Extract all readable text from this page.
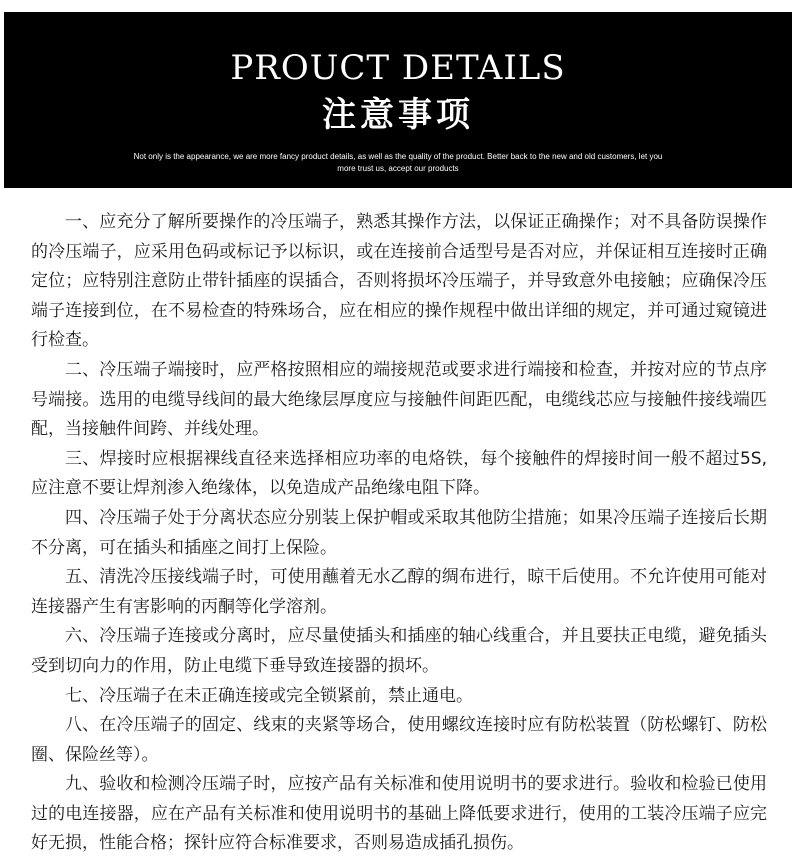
PROUCT DETAILS
注意事项
Not only is the appearance, we are more fancy product details, as well as the quality of the product. Better back to the new and old customers, let you more trust us, accept our products

一、应充分了解所要操作的冷压端子，熟悉其操作方法，以保证正确操作；对不具备防误操作的冷压端子，应采用色码或标记予以标识，或在连接前合适型号是否对应，并保证相互连接时正确定位；应特别注意防止带针插座的误插合，否则将损坏冷压端子，并导致意外电接触；应确保冷压端子连接到位，在不易检查的特殊场合，应在相应的操作规程中做出详细的规定，并可通过窥镜进行检查。

二、冷压端子端接时，应严格按照相应的端接规范或要求进行端接和检查，并按对应的节点序号端接。选用的电缆导线间的最大绝缘层厚度应与接触件间距匹配，电缆线芯应与接触件接线端匹配，当接触件间跨、并线处理。

三、焊接时应根据裸线直径来选择相应功率的电烙铁，每个接触件的焊接时间一般不超过5S, 应注意不要让焊剂渗入绝缘体，以免造成产品绝缘电阻下降。

四、冷压端子处于分离状态应分别装上保护帽或采取其他防尘措施；如果冷压端子连接后长期不分离，可在插头和插座之间打上保险。

五、清洗冷压接线端子时，可使用蘸着无水乙醇的绸布进行，晾干后使用。不允许使用可能对连接器产生有害影响的丙酮等化学溶剂。

六、冷压端子连接或分离时，应尽量使插头和插座的轴心线重合，并且要扶正电缆，避免插头受到切向力的作用，防止电缆下垂导致连接器的损坏。

七、冷压端子在未正确连接或完全锁紧前，禁止通电。

八、在冷压端子的固定、线束的夹紧等场合，使用螺纹连接时应有防松装置（防松螺钉、防松圈、保险丝等）。

九、验收和检测冷压端子时，应按产品有关标准和使用说明书的要求进行。验收和检验已使用过的电连接器，应在产品有关标准和使用说明书的基础上降低要求进行，使用的工装冷压端子应完好无损，性能合格；探针应符合标准要求，否则易造成插孔损伤。
